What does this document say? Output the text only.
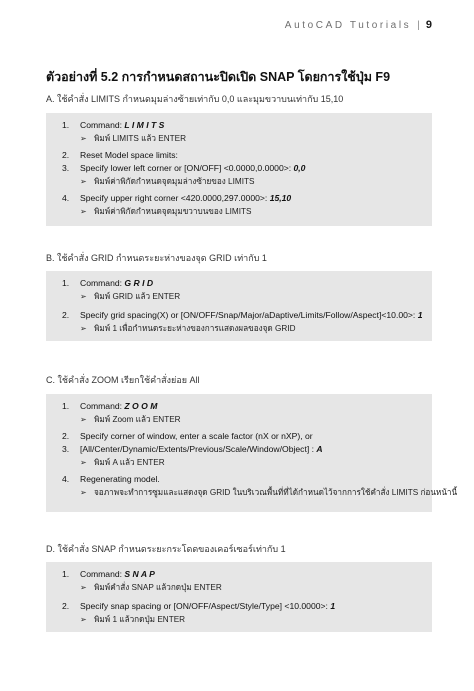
AutoCAD Tutorials | 9
ตัวอย่างที่ 5.2 การกำหนดสถานะปิดเปิด SNAP โดยการใช้ปุ่ม F9
A. ใช้คำสั่ง LIMITS กำหนดมุมล่างซ้ายเท่ากับ 0,0 และมุมขวาบนเท่ากับ 15,10
1. Command: L I M I T S
➢ พิมพ์ LIMITS แล้ว ENTER
2. Reset Model space limits:
3. Specify lower left corner or [ON/OFF] <0.0000,0.0000>: 0,0
➢ พิมพ์ค่าพิกัดกำหนดจุดมุมล่างซ้ายของ LIMITS
4. Specify upper right corner <420.0000,297.0000>: 15,10
➢ พิมพ์ค่าพิกัดกำหนดจุดมุมขวาบนของ LIMITS
B. ใช้คำสั่ง GRID กำหนดระยะห่างของจุด GRID เท่ากับ 1
1. Command: G R I D
➢ พิมพ์ GRID แล้ว ENTER
2. Specify grid spacing(X) or [ON/OFF/Snap/Major/aDaptive/Limits/Follow/Aspect]<10.00>: 1
➢ พิมพ์ 1 เพื่อกำหนดระยะห่างของการแสดงผลของจุด GRID
C. ใช้คำสั่ง ZOOM เรียกใช้คำสั่งย่อย All
1. Command: Z O O M
➢ พิมพ์ Zoom แล้ว ENTER
2. Specify corner of window, enter a scale factor (nX or nXP), or
3. [All/Center/Dynamic/Extents/Previous/Scale/Window/Object] : A
➢ พิมพ์ A แล้ว ENTER
4. Regenerating model.
➢ จอภาพจะทำการซูมและแสดงจุด GRID ในบริเวณพื้นที่ที่ได้กำหนดไว้จากการใช้คำสั่ง LIMITS ก่อนหน้านี้
D. ใช้คำสั่ง SNAP กำหนดระยะกระโดดของเคอร์เซอร์เท่ากับ 1
1. Command: S N A P
➢ พิมพ์คำสั่ง SNAP แล้วกดปุ่ม ENTER
2. Specify snap spacing or [ON/OFF/Aspect/Style/Type] <10.0000>: 1
➢ พิมพ์ 1 แล้วกดปุ่ม ENTER
